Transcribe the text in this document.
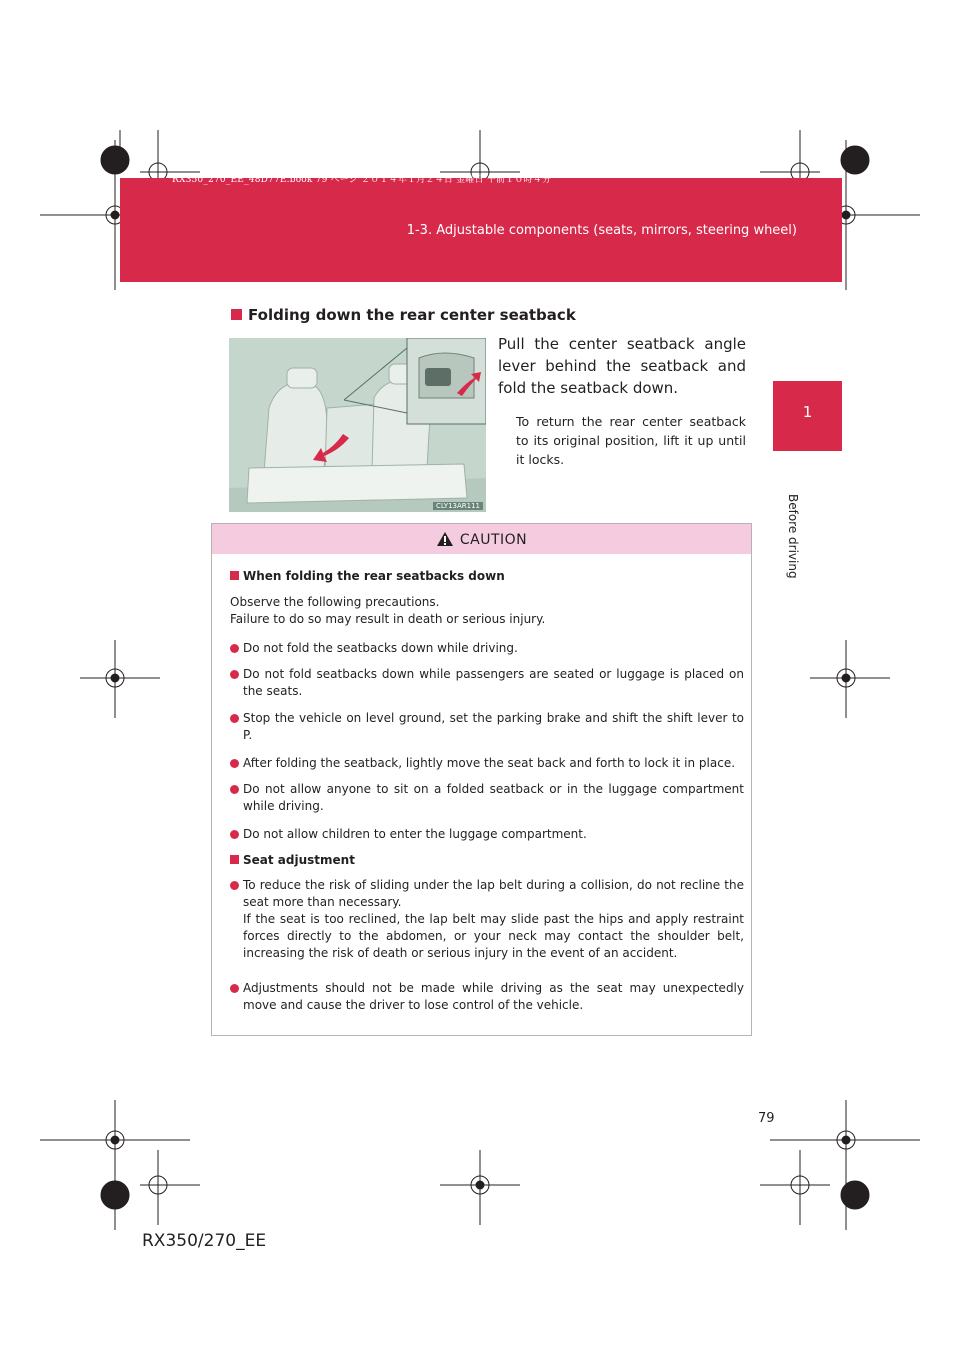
RX350_270_EE_48D77E.book 79 ページ ２０１４年１月２４日 金曜日 午前１０時４分
1-3. Adjustable components (seats, mirrors, steering wheel)
1
Before driving
Folding down the rear center seatback
CLY13AR111
Pull the center seatback angle lever behind the seatback and fold the seatback down.
To return the rear center seatback to its original position, lift it up until it locks.
CAUTION
When folding the rear seatbacks down
Observe the following precautions.
Failure to do so may result in death or serious injury.
Do not fold the seatbacks down while driving.
Do not fold seatbacks down while passengers are seated or luggage is placed on the seats.
Stop the vehicle on level ground, set the parking brake and shift the shift lever to P.
After folding the seatback, lightly move the seat back and forth to lock it in place.
Do not allow anyone to sit on a folded seatback or in the luggage compartment while driving.
Do not allow children to enter the luggage compartment.
Seat adjustment
To reduce the risk of sliding under the lap belt during a collision, do not recline the seat more than necessary.
If the seat is too reclined, the lap belt may slide past the hips and apply restraint forces directly to the abdomen, or your neck may contact the shoulder belt, increasing the risk of death or serious injury in the event of an accident.
Adjustments should not be made while driving as the seat may unexpectedly move and cause the driver to lose control of the vehicle.
79
RX350/270_EE
